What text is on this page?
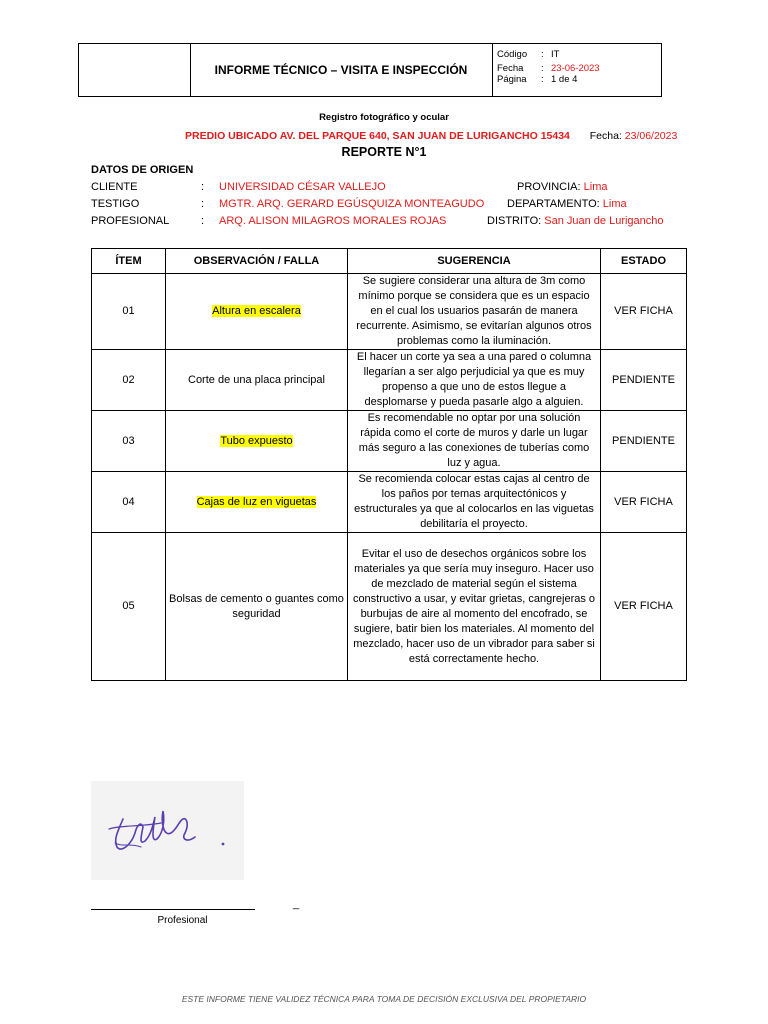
INFORME TÉCNICO – VISITA E INSPECCIÓN
Código : IT
Fecha : 23-06-2023
Página : 1 de 4
Registro fotográfico y ocular
PREDIO UBICADO AV. DEL PARQUE 640, SAN JUAN DE LURIGANCHO 15434 Fecha: 23/06/2023
REPORTE N°1
DATOS DE ORIGEN
CLIENTE	: UNIVERSIDAD CÉSAR VALLEJO	PROVINCIA: Lima
TESTIGO	: MGTR. ARQ. GERARD EGÚSQUIZA MONTEAGUDO DEPARTAMENTO: Lima
PROFESIONAL	: ARQ. ALISON MILAGROS MORALES ROJAS	DISTRITO: San Juan de Lurigancho
ÍTEM	OBSERVACIÓN / FALLA	SUGERENCIA	ESTADO
01	Altura en escalera	Se sugiere considerar una altura de 3m como mínimo porque se considera que es un espacio en el cual los usuarios pasarán de manera recurrente. Asimismo, se evitarían algunos otros problemas como la iluminación.	VER FICHA
02	Corte de una placa principal	El hacer un corte ya sea a una pared o columna llegarían a ser algo perjudicial ya que es muy propenso a que uno de estos llegue a desplomarse y pueda pasarle algo a alguien.	PENDIENTE
03	Tubo expuesto	Es recomendable no optar por una solución rápida como el corte de muros y darle un lugar más seguro a las conexiones de tuberías como luz y agua.	PENDIENTE
04	Cajas de luz en viguetas	Se recomienda colocar estas cajas al centro de los paños por temas arquitectónicos y estructurales ya que al colocarlos en las viguetas debilitaría el proyecto.	VER FICHA
05	Bolsas de cemento o guantes como seguridad	Evitar el uso de desechos orgánicos sobre los materiales ya que sería muy inseguro. Hacer uso de mezclado de material según el sistema constructivo a usar, y evitar grietas, cangrejeras o burbujas de aire al momento del encofrado, se sugiere, batir bien los materiales. Al momento del mezclado, hacer uso de un vibrador para saber si está correctamente hecho.	VER FICHA
_
Profesional
ESTE INFORME TIENE VALIDEZ TÉCNICA PARA TOMA DE DECISIÓN EXCLUSIVA DEL PROPIETARIO
